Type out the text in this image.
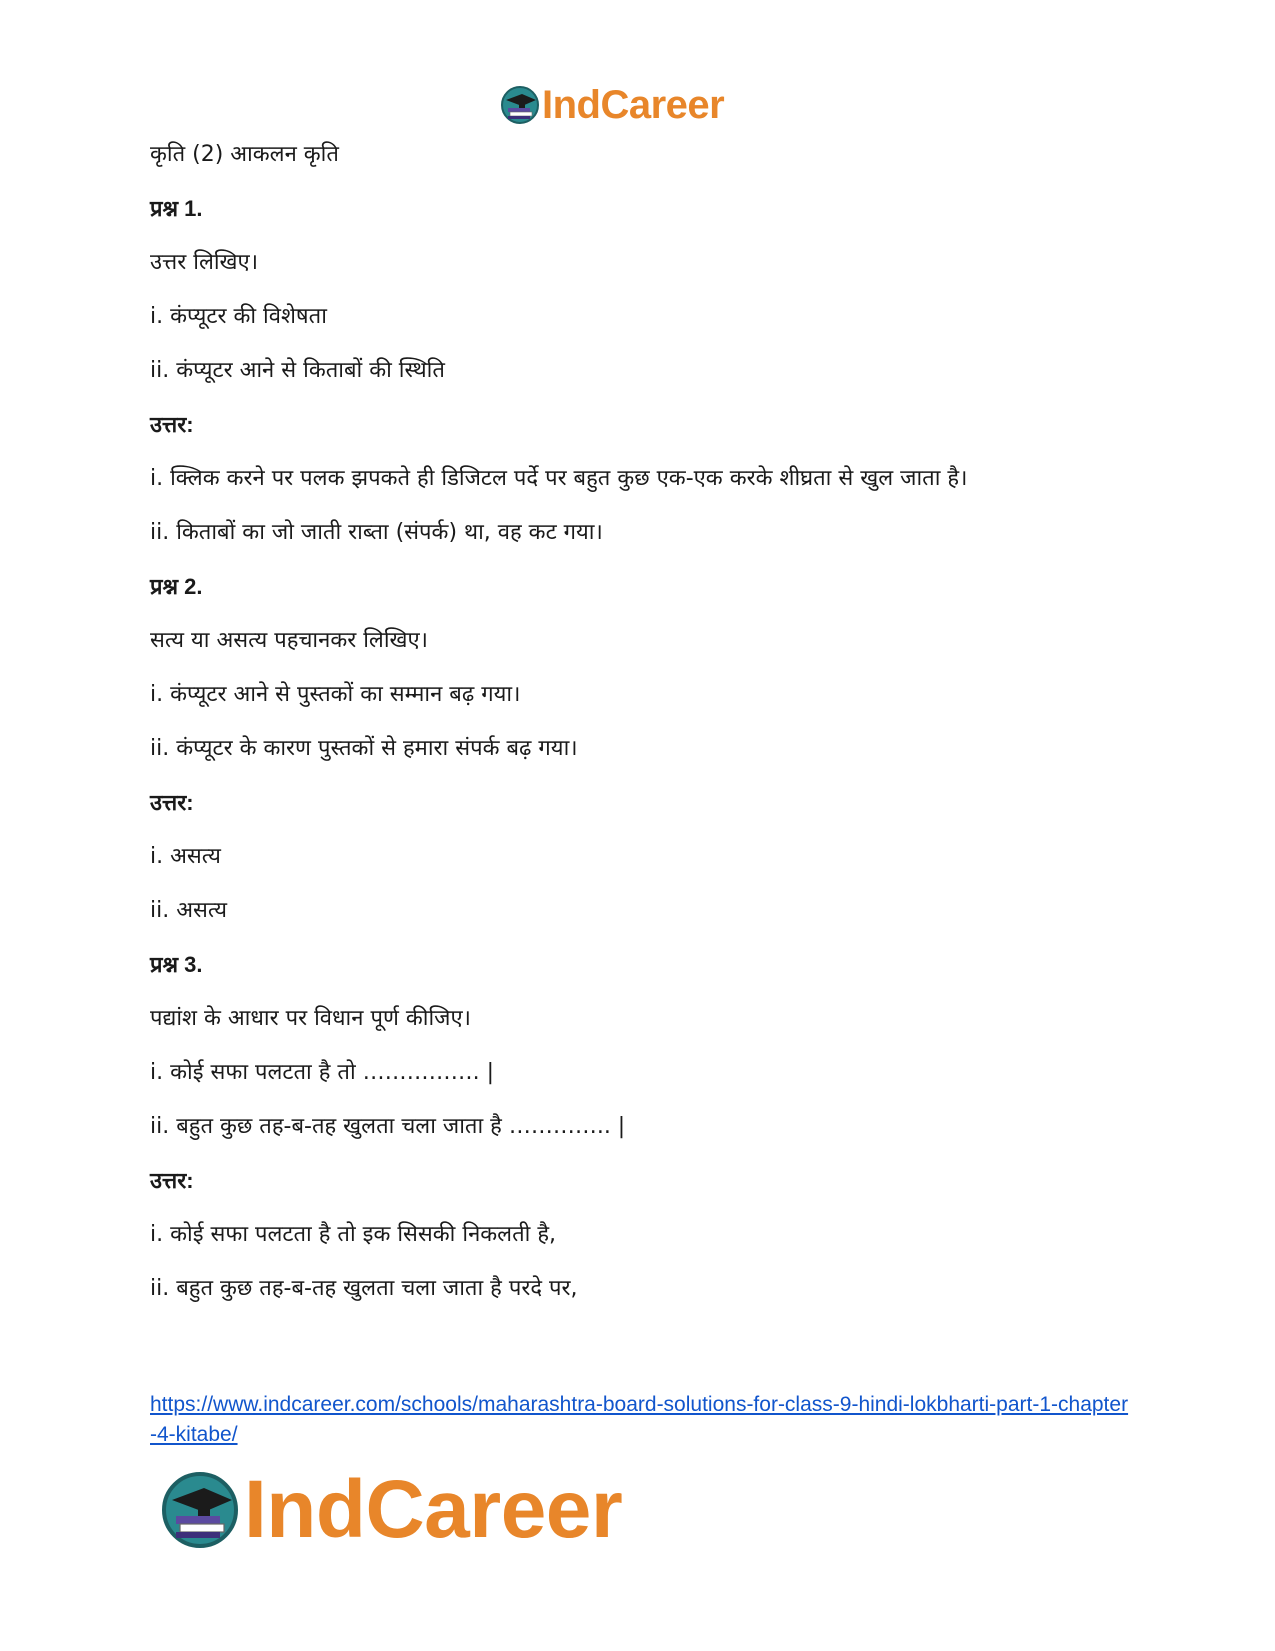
IndCareer
कृति (2) आकलन कृति
प्रश्न 1.
उत्तर लिखिए।
i. कंप्यूटर की विशेषता
ii. कंप्यूटर आने से किताबों की स्थिति
उत्तर:
i. क्लिक करने पर पलक झपकते ही डिजिटल पर्दे पर बहुत कुछ एक-एक करके शीघ्रता से खुल जाता है।
ii. किताबों का जो जाती राब्ता (संपर्क) था, वह कट गया।
प्रश्न 2.
सत्य या असत्य पहचानकर लिखिए।
i. कंप्यूटर आने से पुस्तकों का सम्मान बढ़ गया।
ii. कंप्यूटर के कारण पुस्तकों से हमारा संपर्क बढ़ गया।
उत्तर:
i. असत्य
ii. असत्य
प्रश्न 3.
पद्यांश के आधार पर विधान पूर्ण कीजिए।
i. कोई सफा पलटता है तो ……………. |
ii. बहुत कुछ तह-ब-तह खुलता चला जाता है ………….. |
उत्तर:
i. कोई सफा पलटता है तो इक सिसकी निकलती है,
ii. बहुत कुछ तह-ब-तह खुलता चला जाता है परदे पर,
https://www.indcareer.com/schools/maharashtra-board-solutions-for-class-9-hindi-lokbharti-part-1-chapter-4-kitabe/
IndCareer
